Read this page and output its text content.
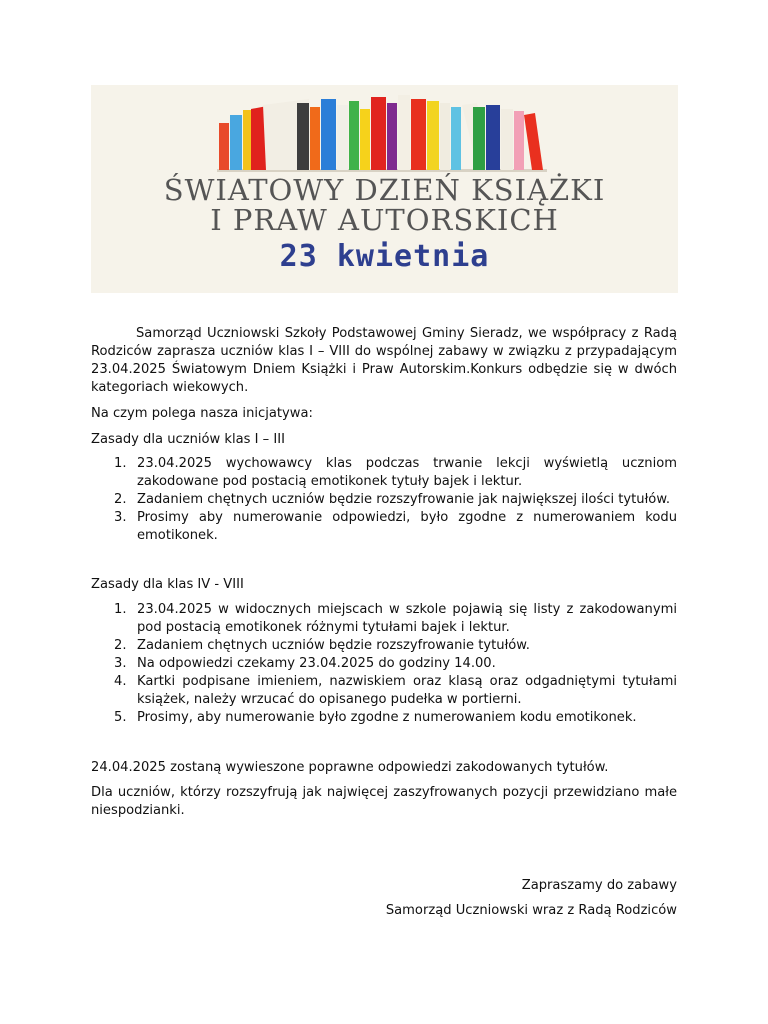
ŚWIATOWY DZIEŃ KSIĄŻKI
I PRAW AUTORSKICH
23 kwietnia
Samorząd Uczniowski Szkoły Podstawowej Gminy Sieradz, we współpracy z Radą Rodziców zaprasza uczniów klas I – VIII do wspólnej zabawy w związku z przypadającym 23.04.2025 Światowym Dniem Książki i Praw Autorskim.Konkurs odbędzie się w dwóch kategoriach wiekowych.
Na czym polega nasza inicjatywa:
Zasady dla uczniów klas I – III
1. 23.04.2025 wychowawcy klas podczas trwanie lekcji wyświetlą uczniom zakodowane pod postacią emotikonek tytuły bajek i lektur.
2. Zadaniem chętnych uczniów będzie rozszyfrowanie jak największej ilości tytułów.
3. Prosimy aby numerowanie odpowiedzi, było zgodne z numerowaniem kodu emotikonek.
Zasady dla klas IV - VIII
1. 23.04.2025 w widocznych miejscach w szkole pojawią się listy z zakodowanymi pod postacią emotikonek różnymi tytułami bajek i lektur.
2. Zadaniem chętnych uczniów będzie rozszyfrowanie tytułów.
3. Na odpowiedzi czekamy 23.04.2025 do godziny 14.00.
4. Kartki podpisane imieniem, nazwiskiem oraz klasą oraz odgadniętymi tytułami książek, należy wrzucać do opisanego pudełka w portierni.
5. Prosimy, aby numerowanie było zgodne z numerowaniem kodu emotikonek.
24.04.2025 zostaną wywieszone poprawne odpowiedzi zakodowanych tytułów.
Dla uczniów, którzy rozszyfrują jak najwięcej zaszyfrowanych pozycji przewidziano małe niespodzianki.
Zapraszamy do zabawy
Samorząd Uczniowski wraz z Radą Rodziców
